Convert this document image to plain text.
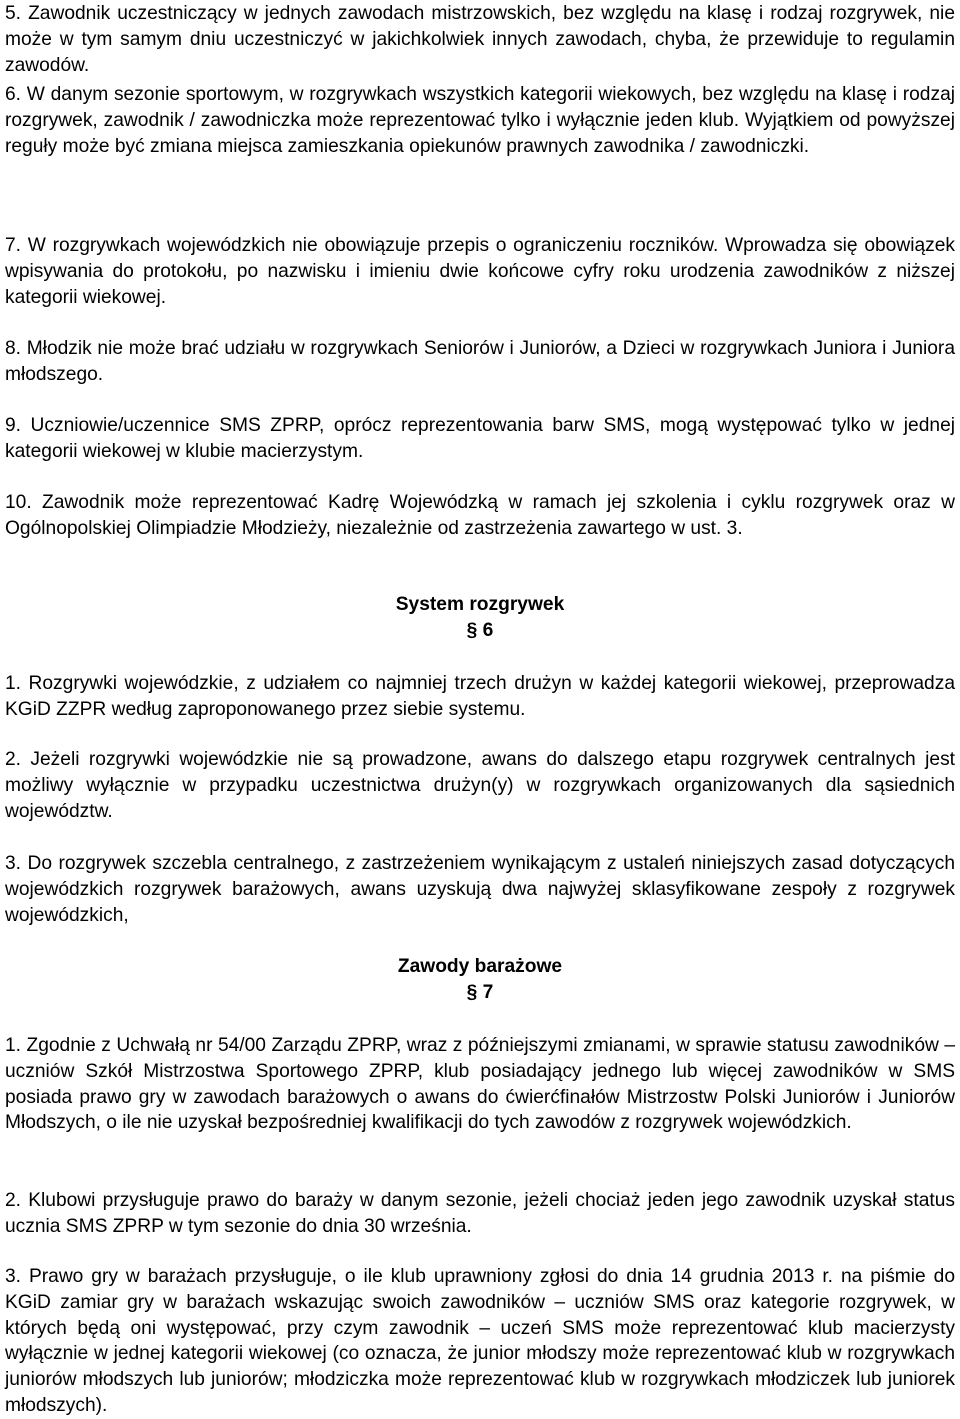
5. Zawodnik uczestniczący w jednych zawodach mistrzowskich, bez względu na klasę i rodzaj rozgrywek, nie może w tym samym dniu uczestniczyć w jakichkolwiek innych zawodach, chyba, że przewiduje to regulamin zawodów.

6. W danym sezonie sportowym, w rozgrywkach wszystkich kategorii wiekowych, bez względu na klasę i rodzaj rozgrywek, zawodnik / zawodniczka może reprezentować tylko i wyłącznie jeden klub. Wyjątkiem od powyższej reguły może być zmiana miejsca zamieszkania opiekunów prawnych zawodnika / zawodniczki.

7. W rozgrywkach wojewódzkich nie obowiązuje przepis o ograniczeniu roczników. Wprowadza się obowiązek wpisywania do protokołu, po nazwisku i imieniu dwie końcowe cyfry roku urodzenia zawodników z niższej kategorii wiekowej.

8. Młodzik nie może brać udziału w rozgrywkach Seniorów i Juniorów, a Dzieci w rozgrywkach Juniora i Juniora młodszego.

9. Uczniowie/uczennice SMS ZPRP, oprócz reprezentowania barw SMS, mogą występować tylko w jednej kategorii wiekowej w klubie macierzystym.

10. Zawodnik może reprezentować Kadrę Wojewódzką w ramach jej szkolenia i cyklu rozgrywek oraz w Ogólnopolskiej Olimpiadzie Młodzieży, niezależnie od zastrzeżenia zawartego w ust. 3.

System rozgrywek
§ 6

1. Rozgrywki wojewódzkie, z udziałem co najmniej trzech drużyn w każdej kategorii wiekowej, przeprowadza KGiD ZZPR według zaproponowanego przez siebie systemu.

2. Jeżeli rozgrywki wojewódzkie nie są prowadzone, awans do dalszego etapu rozgrywek centralnych jest możliwy wyłącznie w przypadku uczestnictwa drużyn(y) w rozgrywkach organizowanych dla sąsiednich województw.

3. Do rozgrywek szczebla centralnego, z zastrzeżeniem wynikającym z ustaleń niniejszych zasad dotyczących wojewódzkich rozgrywek barażowych, awans uzyskują dwa najwyżej sklasyfikowane zespoły z rozgrywek wojewódzkich,

Zawody barażowe
§ 7

1. Zgodnie z Uchwałą nr 54/00 Zarządu ZPRP, wraz z późniejszymi zmianami, w sprawie statusu zawodników – uczniów Szkół Mistrzostwa Sportowego ZPRP, klub posiadający jednego lub więcej zawodników w SMS posiada prawo gry w zawodach barażowych o awans do ćwierćfinałów Mistrzostw Polski Juniorów i Juniorów Młodszych, o ile nie uzyskał bezpośredniej kwalifikacji do tych zawodów z rozgrywek wojewódzkich.

2. Klubowi przysługuje prawo do baraży w danym sezonie, jeżeli chociaż jeden jego zawodnik uzyskał status ucznia SMS ZPRP w tym sezonie do dnia 30 września.

3. Prawo gry w barażach przysługuje, o ile klub uprawniony zgłosi do dnia 14 grudnia 2013 r. na piśmie do KGiD zamiar gry w barażach wskazując swoich zawodników – uczniów SMS oraz kategorie rozgrywek, w których będą oni występować, przy czym zawodnik – uczeń SMS może reprezentować klub macierzysty wyłącznie w jednej kategorii wiekowej (co oznacza, że junior młodszy może reprezentować klub w rozgrywkach juniorów młodszych lub juniorów; młodziczka może reprezentować klub w rozgrywkach młodziczek lub juniorek młodszych).
